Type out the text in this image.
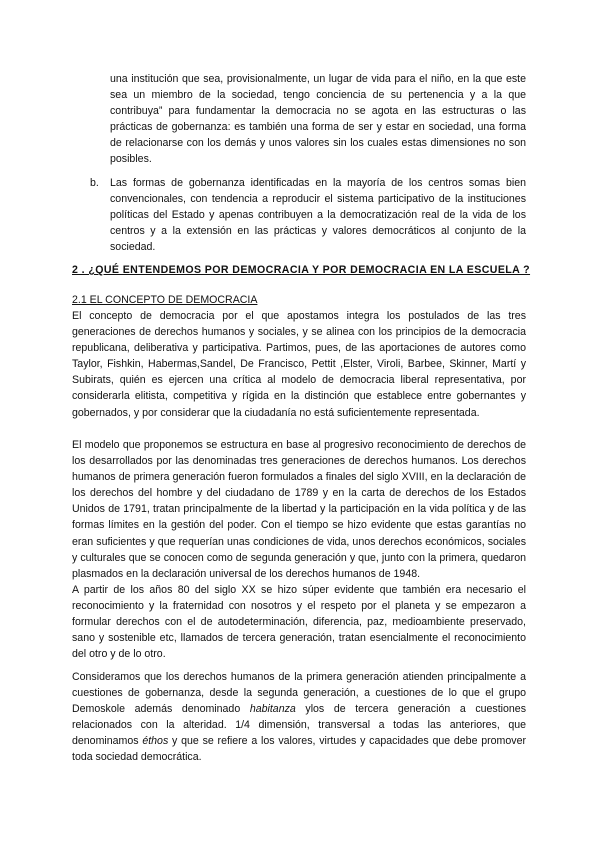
una institución que sea, provisionalmente, un lugar de vida para el niño, en la que este sea un miembro de la sociedad, tengo conciencia de su pertenencia y a la que contribuya” para fundamentar la democracia no se agota en las estructuras o las prácticas de gobernanza: es también una forma de ser y estar en sociedad, una forma de relacionarse con los demás y unos valores sin los cuales estas dimensiones no son posibles.

b.	Las formas de gobernanza identificadas en la mayoría de los centros somas bien convencionales, con tendencia a reproducir el sistema participativo de la instituciones políticas del Estado y apenas contribuyen a la democratización real de la vida de los centros y a la extensión en las prácticas y valores democráticos al conjunto de la sociedad.

2 . ¿QUÉ ENTENDEMOS POR DEMOCRACIA Y POR DEMOCRACIA EN LA ESCUELA ?

2.1 EL CONCEPTO DE DEMOCRACIA

El concepto de democracia por el que apostamos integra los postulados de las tres generaciones de derechos humanos y sociales, y se alinea con los principios de la democracia republicana, deliberativa y participativa. Partimos, pues, de las aportaciones de autores como Taylor, Fishkin, Habermas,Sandel, De Francisco, Pettit ,Elster, Viroli, Barbee, Skinner, Martí y Subirats, quién es ejercen una crítica al modelo de democracia liberal representativa, por considerarla elitista, competitiva y rígida en la distinción que establece entre gobernantes y gobernados, y por considerar que la ciudadanía no está suficientemente representada.

El modelo que proponemos se estructura en base al progresivo reconocimiento de derechos de los desarrollados por las denominadas tres generaciones de derechos humanos. Los derechos humanos de primera generación fueron formulados a finales del siglo XVIII, en la declaración de los derechos del hombre y del ciudadano de 1789 y en la carta de derechos de los Estados Unidos de 1791, tratan principalmente de la libertad y la participación en la vida política y de las formas límites en la gestión del poder. Con el tiempo se hizo evidente que estas garantías no eran suficientes y que requerían unas condiciones de vida, unos derechos económicos, sociales y culturales que se conocen como de segunda generación y que, junto con la primera, quedaron plasmados en la declaración universal de los derechos humanos de 1948.

A partir de los años 80 del siglo XX se hizo súper evidente que también era necesario el reconocimiento y la fraternidad con nosotros y el respeto por el planeta y se empezaron a formular derechos con el de autodeterminación, diferencia, paz, medioambiente preservado, sano y sostenible etc, llamados de tercera generación, tratan esencialmente el reconocimiento del otro y de lo otro.

Consideramos que los derechos humanos de la primera generación atienden principalmente a cuestiones de gobernanza, desde la segunda generación, a cuestiones de lo que el grupo Demoskole además denominado habitanza ylos de tercera generación a cuestiones relacionados con la alteridad. 1/4 dimensión, transversal a todas las anteriores, que denominamos éthos y que se refiere a los valores, virtudes y capacidades que debe promover toda sociedad democrática.
